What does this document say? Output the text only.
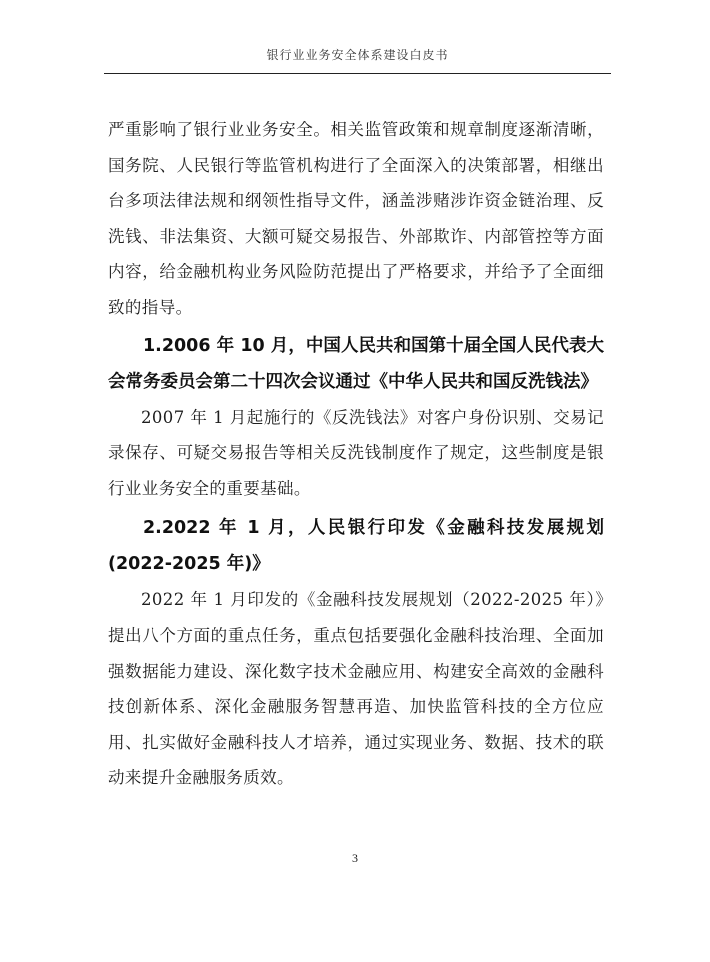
银行业业务安全体系建设白皮书

严重影响了银行业业务安全。相关监管政策和规章制度逐渐清晰，国务院、人民银行等监管机构进行了全面深入的决策部署，相继出台多项法律法规和纲领性指导文件，涵盖涉赌涉诈资金链治理、反洗钱、非法集资、大额可疑交易报告、外部欺诈、内部管控等方面内容，给金融机构业务风险防范提出了严格要求，并给予了全面细致的指导。

1.2006 年 10 月，中国人民共和国第十届全国人民代表大会常务委员会第二十四次会议通过《中华人民共和国反洗钱法》

2007 年 1 月起施行的《反洗钱法》对客户身份识别、交易记录保存、可疑交易报告等相关反洗钱制度作了规定，这些制度是银行业业务安全的重要基础。

2.2022 年 1 月，人民银行印发《金融科技发展规划(2022-2025 年)》

2022 年 1 月印发的《金融科技发展规划（2022-2025 年）》提出八个方面的重点任务，重点包括要强化金融科技治理、全面加强数据能力建设、深化数字技术金融应用、构建安全高效的金融科技创新体系、深化金融服务智慧再造、加快监管科技的全方位应用、扎实做好金融科技人才培养，通过实现业务、数据、技术的联动来提升金融服务质效。

3
